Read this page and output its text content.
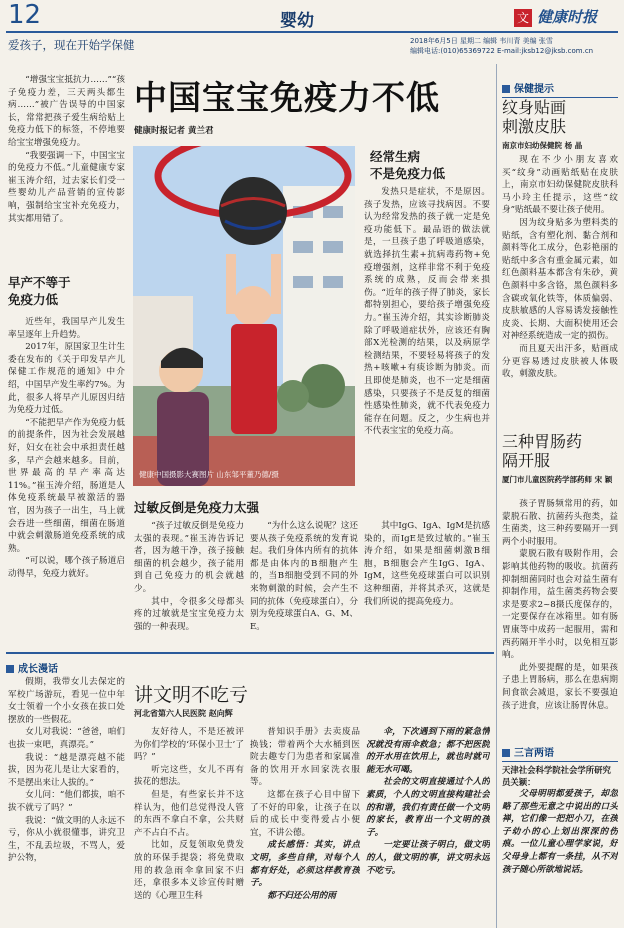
12	婴幼	文 健康时报
爱孩子，现在开始学保健	2018年6月5日 星期二 编辑 韦川青 美编 张雪
编辑电话:(010)65369722 E-mail:jksb12@jksb.com.cn

“增强宝宝抵抗力……”“孩子免疫力差，三天两头都生病……”被广告误导的中国家长，常常把孩子爱生病给贴上免疫力低下的标签，不停地要给宝宝增强免疫力。

“我要强调一下，中国宝宝的免疫力不低。”儿童健康专家崔玉涛介绍，过去家长们受一些婴幼儿产品营销的宣传影响，强制给宝宝补充免疫力，其实都用错了。

早产不等于
免疫力低

近些年，我国早产儿发生率呈逐年上升趋势。

2017年，原国家卫生计生委在发布的《关于印发早产儿保健工作规范的通知》中介绍，中国早产发生率约7%。为此，很多人将早产儿原因归结为免疫力过低。

“不能把早产作为免疫力低的前提条件，因为社会发展越好，妇女在社会中承担责任越多，早产会越来越多。目前，世界最高的早产率高达11%。”崔玉涛介绍，肠道是人体免疫系统最早被激活的器官，因为孩子一出生，马上就会吞进一些细菌，细菌在肠道中就会刺激肠道免疫系统的成熟。

“可以说，哪个孩子肠道启动得早，免疫力就好。

中国宝宝免疫力不低
健康时报记者 黄兰君
健康中国摄影大赛图片 山东邹平董乃德/摄
经常生病
不是免疫力低

发热只是症状，不是原因。孩子发热，应该寻找病因。不要认为经常发热的孩子就一定是免疫功能低下。最品语的做法就是，一旦孩子患了呼吸道感染，就选择抗生素+抗病毒药物+免疫增强剂，这样非常不利于免疫系统的成熟，反而会带来损伤。“近年的孩子得了肺炎，家长都特别担心，要给孩子增强免疫力。”崔玉涛介绍，其实诊断肺炎除了呼吸道症状外，应该还有胸部X光检测的结果，以及病原学检测结果，不要轻易将孩子的发热+咳嗽+有痰诊断为肺炎。而且即使是肺炎，也不一定是细菌感染，只要孩子不是反复的细菌性感染性肺炎，就不代表免疫力能存在问题。反之，少生病也并不代表宝宝的免疫力高。

过敏反倒是免疫力太强

“孩子过敏反倒是免疫力太强的表现。”崔玉涛告诉记者，因为越干净，孩子接触细菌的机会越少，孩子能用到自己免疫力的机会就越少。

其中，令很多父母都头疼的过敏就是宝宝免疫力太强的一种表现。

“为什么这么说呢？这还要从孩子免疫系统的发育说起。我们身体内所有的抗体都是由体内的B细胞产生的，当B细胞受到不同的外来物刺激的时候，会产生不同的抗体（免疫球蛋白），分别为免疫球蛋白A、G、M、E。

其中IgG、IgA、IgM是抗感染的，而IgE是致过敏的。”崔玉涛介绍，如果是细菌刺激B细胞，B细胞会产生IgG、IgA、IgM，这些免疫球蛋白可以识别这种细菌，并将其杀灭，这就是我们所说的提高免疫力。

保健提示
纹身贴画
刺激皮肤
南京市妇幼保健院 杨 晶

现在不少小朋友喜欢买“纹身”动画贴纸贴在皮肤上，南京市妇幼保健院皮肤科马小玲主任提示，这些“纹身”贴纸最不要让孩子使用。

因为纹身贴多为塑料类的贴纸，含有塑化剂、黏合剂和颜料等化工成分，色彩艳丽的贴纸中多含有重金属元素，如红色颜料基本都含有朱砂，黄色颜料中多含铬，黑色颜料多含碳或氧化铁等，体质偏弱、皮肤敏感的人容易诱发接触性皮炎、长期、大面积使用还会对神经系统造成一定的损伤。

而且夏天出汗多，贴画成分更容易透过皮肤被人体吸收，刺激皮肤。

三种胃肠药
隔开服
厦门市儿童医院药学部药师 宋 颖

孩子胃肠频常用的药，如蒙脱石散、抗菌药头孢类，益生菌类，这三种药要隔开一到两个小时服用。

蒙脱石散有吸附作用，会影响其他药物的吸收。抗菌药抑制细菌同时也会对益生菌有抑制作用，益生菌类药物会要求是要求2~8摄氏度保存的，一定要保存在冰箱里。如有肠胃康等中成药一起服用，需和西药隔开半小时，以免相互影响。

此外要提醒的是，如果孩子患上胃肠病，那么在患病期间食欲会减退，家长不要强迫孩子进食，应该让肠胃休息。

三言两语
天津社会科学院社会学所研究员关颖：

父母明明都爱孩子，却忽略了那些无意之中说出的口头禅，它们像一把把小刀，在孩子幼小的心上划出深深的伤痕。一位儿童心理学家说，好父母身上都有一条挂，从不对孩子随心所欲地说话。

成长漫话

假期，我带女儿去保定的军校广场游玩，看见一位中年女士领着一个小女孩在拔口处摆放的一些假花。

女儿对我说：“爸爸，咱们也拔一束吧，真漂亮。”

我说：“越是漂亮越不能拔，因为花儿是让大家看的，不是摆出来让人拔的。”

女儿问：“他们都拔，咱不拔不就亏了吗？”

我说：“做文明的人永远不亏，你从小就很懂事，讲究卫生，不乱丢垃圾，不骂人，爱护公物，

讲文明不吃亏
河北省第六人民医院 赵向辉

友好待人，不是还被评为你们学校的‘环保小卫士’了吗？”

听完这些，女儿不再有拔花的想法。

但是，有些家长并不这样认为，他们总觉得没人管的东西不拿白不拿，公共财产不占白不占。

比如，反复领取免费发放的环保手提袋；将免费取用的救急雨伞拿回家不归还，拿很多本义诊宣传时赠送的《心理卫生科

普知识手册》去卖废品换钱；带着两个大水桶到医院去趣专门为患者和家属准备的饮用开水回家洗衣服等。

这都在孩子心目中留下了不好的印象，让孩子在以后的成长中变得爱占小便宜，不讲公德。

成长感悟：其实，讲点文明，多些自律，对每个人都有好处，必须这样教育孩子。

都不归还公用的雨

伞，下次遇到下雨的紧急情况就没有雨伞救急；都不把医院的开水用在饮用上，就也时就可能无水可喝。

社会的文明直接通过个人的素质，个人的文明直接构建社会的和谐，我们有责任做一个文明的家长，教育出一个文明的孩子。

一定要让孩子明白，做文明的人，做文明的事，讲文明永远不吃亏。
